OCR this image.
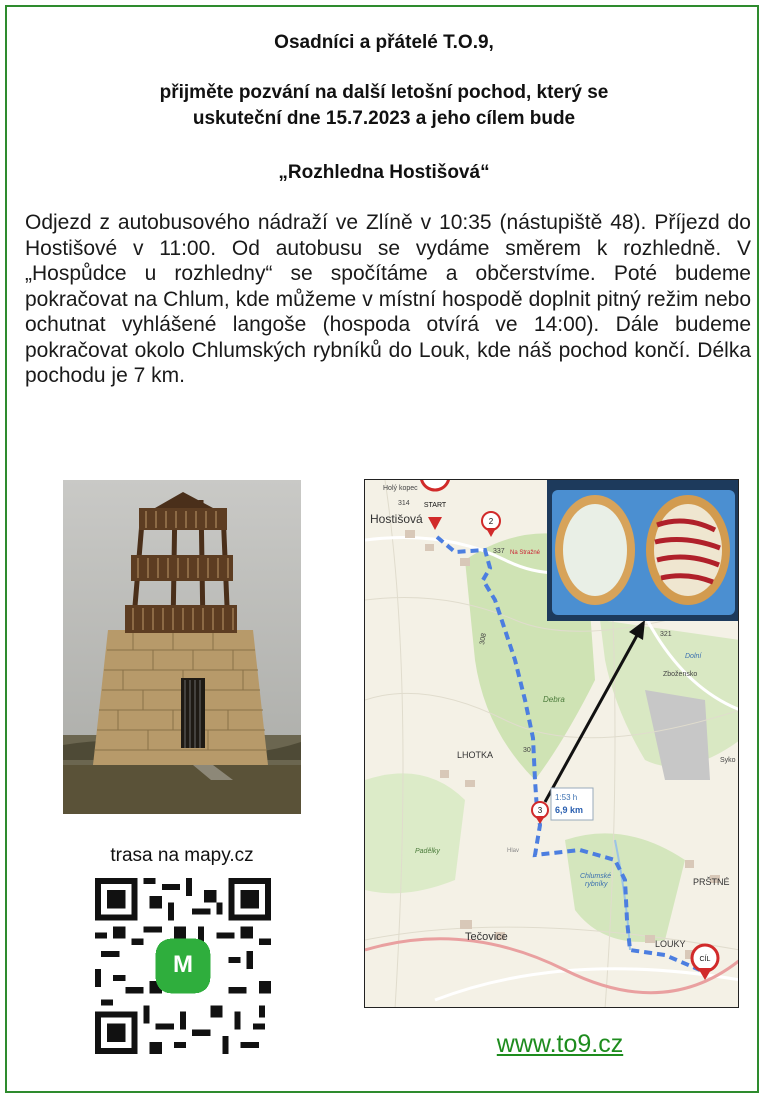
Osadníci a přátelé T.O.9,
přijměte pozvání na další letošní pochod, který se
uskuteční dne 15.7.2023 a jeho cílem bude
„Rozhledna Hostišová“
Odjezd z autobusového nádraží ve Zlíně v 10:35 (nástupiště 48). Příjezd do Hostišové v 11:00. Od autobusu se vydáme směrem k rozhledně. V „Hospůdce u rozhledny“ se spočítáme a občerstvíme. Poté budeme pokračovat na Chlum, kde můžeme v místní hospodě doplnit pitný režim nebo ochutnat vyhlášené langoše (hospoda otvírá ve 14:00). Dále budeme pokračovat okolo Chlumských rybníků do Louk, kde náš pochod končí. Délka pochodu je 7 km.
Holý kopec
314
Hostišová
Na Stražné
337
LHOTKA
Tečovice
LOUKY
PRŠTNÉ
Debra
Padělky
Chlumské
rybníky
Zbožensko
Dolní
Syko
321
30
308
Hlav
START
2
3
1:53 h
6,9 km
CÍL
trasa na mapy.cz
M
www.to9.cz
